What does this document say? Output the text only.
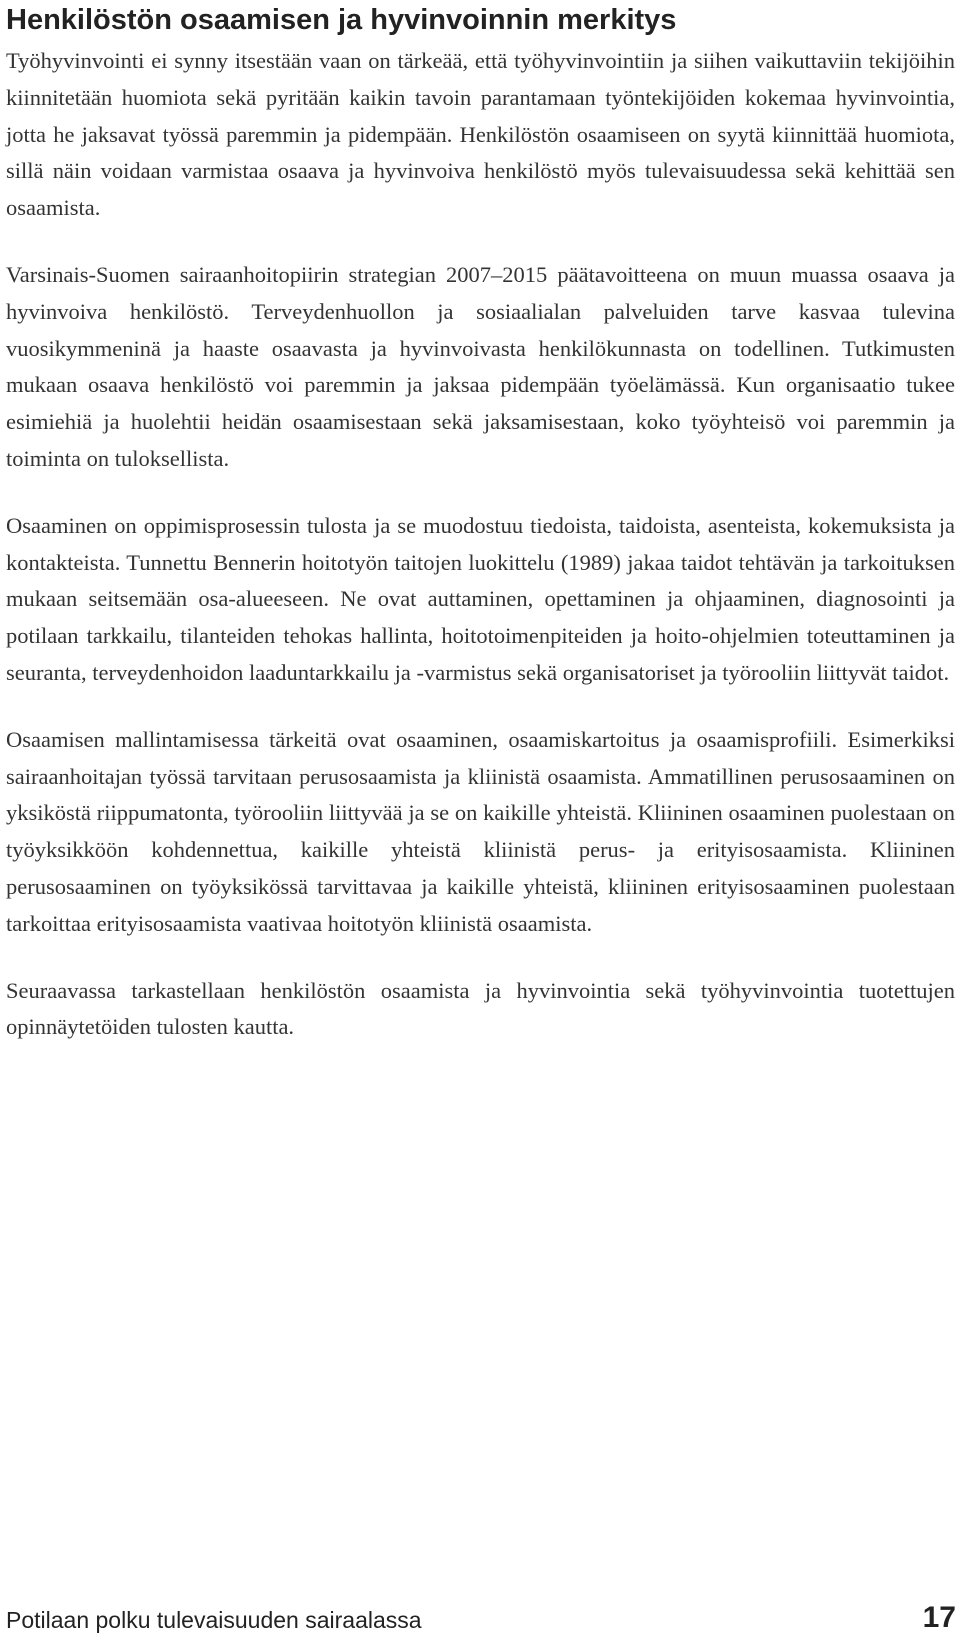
Henkilöstön osaamisen ja hyvinvoinnin merkitys

Työhyvinvointi ei synny itsestään vaan on tärkeää, että työhyvinvointiin ja siihen vaikuttaviin tekijöihin kiinnitetään huomiota sekä pyritään kaikin tavoin parantamaan työntekijöiden kokemaa hyvinvointia, jotta he jaksavat työssä paremmin ja pidempään. Henkilöstön osaamiseen on syytä kiinnittää huomiota, sillä näin voidaan varmistaa osaava ja hyvinvoiva henkilöstö myös tulevaisuudessa sekä kehittää sen osaamista.

Varsinais-Suomen sairaanhoitopiirin strategian 2007–2015 päätavoitteena on muun muassa osaava ja hyvinvoiva henkilöstö. Terveydenhuollon ja sosiaalialan palveluiden tarve kasvaa tulevina vuosikymmeninä ja haaste osaavasta ja hyvinvoivasta henkilökunnasta on todellinen. Tutkimusten mukaan osaava henkilöstö voi paremmin ja jaksaa pidempään työelämässä. Kun organisaatio tukee esimiehiä ja huolehtii heidän osaamisestaan sekä jaksamisestaan, koko työyhteisö voi paremmin ja toiminta on tuloksellista.

Osaaminen on oppimisprosessin tulosta ja se muodostuu tiedoista, taidoista, asenteista, kokemuksista ja kontakteista. Tunnettu Bennerin hoitotyön taitojen luokittelu (1989) jakaa taidot tehtävän ja tarkoituksen mukaan seitsemään osa-alueeseen. Ne ovat auttaminen, opettaminen ja ohjaaminen, diagnosointi ja potilaan tarkkailu, tilanteiden tehokas hallinta, hoitotoimenpiteiden ja hoito-ohjelmien toteuttaminen ja seuranta, terveydenhoidon laaduntarkkailu ja -varmistus sekä organisatoriset ja työrooliin liittyvät taidot.

Osaamisen mallintamisessa tärkeitä ovat osaaminen, osaamiskartoitus ja osaamisprofiili. Esimerkiksi sairaanhoitajan työssä tarvitaan perusosaamista ja kliinistä osaamista. Ammatillinen perusosaaminen on yksiköstä riippumatonta, työrooliin liittyvää ja se on kaikille yhteistä. Kliininen osaaminen puolestaan on työyksikköön kohdennettua, kaikille yhteistä kliinistä perus- ja erityisosaamista. Kliininen perusosaaminen on työyksikössä tarvittavaa ja kaikille yhteistä, kliininen erityisosaaminen puolestaan tarkoittaa erityisosaamista vaativaa hoitotyön kliinistä osaamista.

Seuraavassa tarkastellaan henkilöstön osaamista ja hyvinvointia sekä työhyvinvointia tuotettujen opinnäytetöiden tulosten kautta.

Potilaan polku tulevaisuuden sairaalassa	17
